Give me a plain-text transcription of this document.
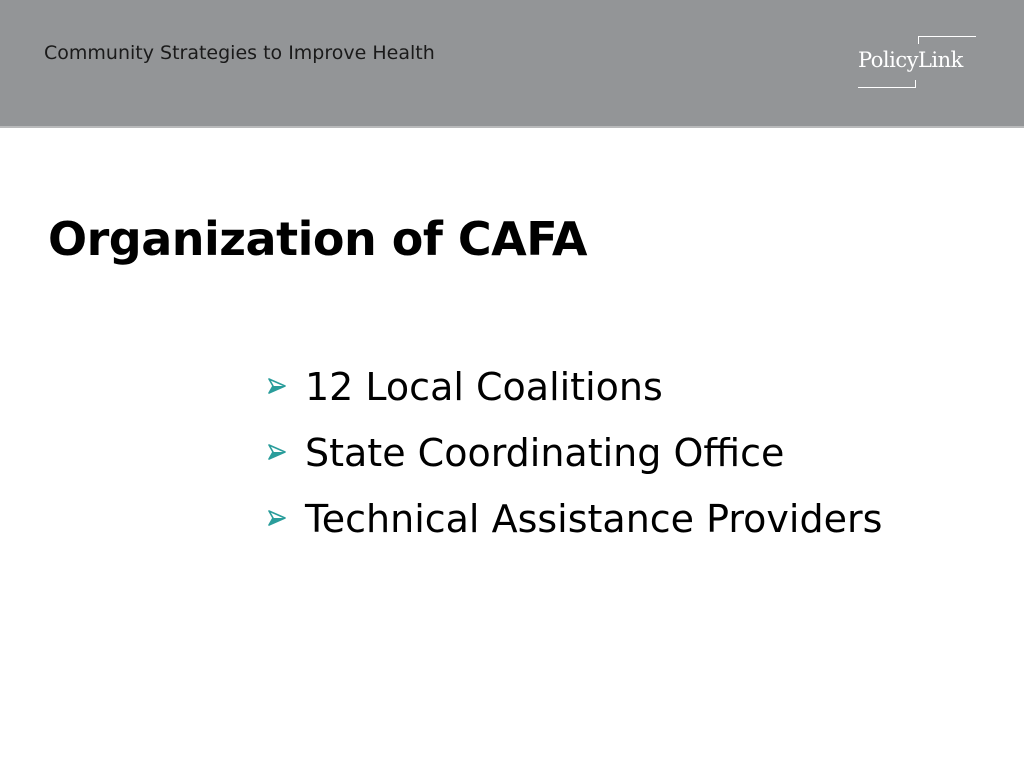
Community Strategies to Improve Health	PolicyLink
Organization of CAFA
12 Local Coalitions
State Coordinating Office
Technical Assistance Providers
